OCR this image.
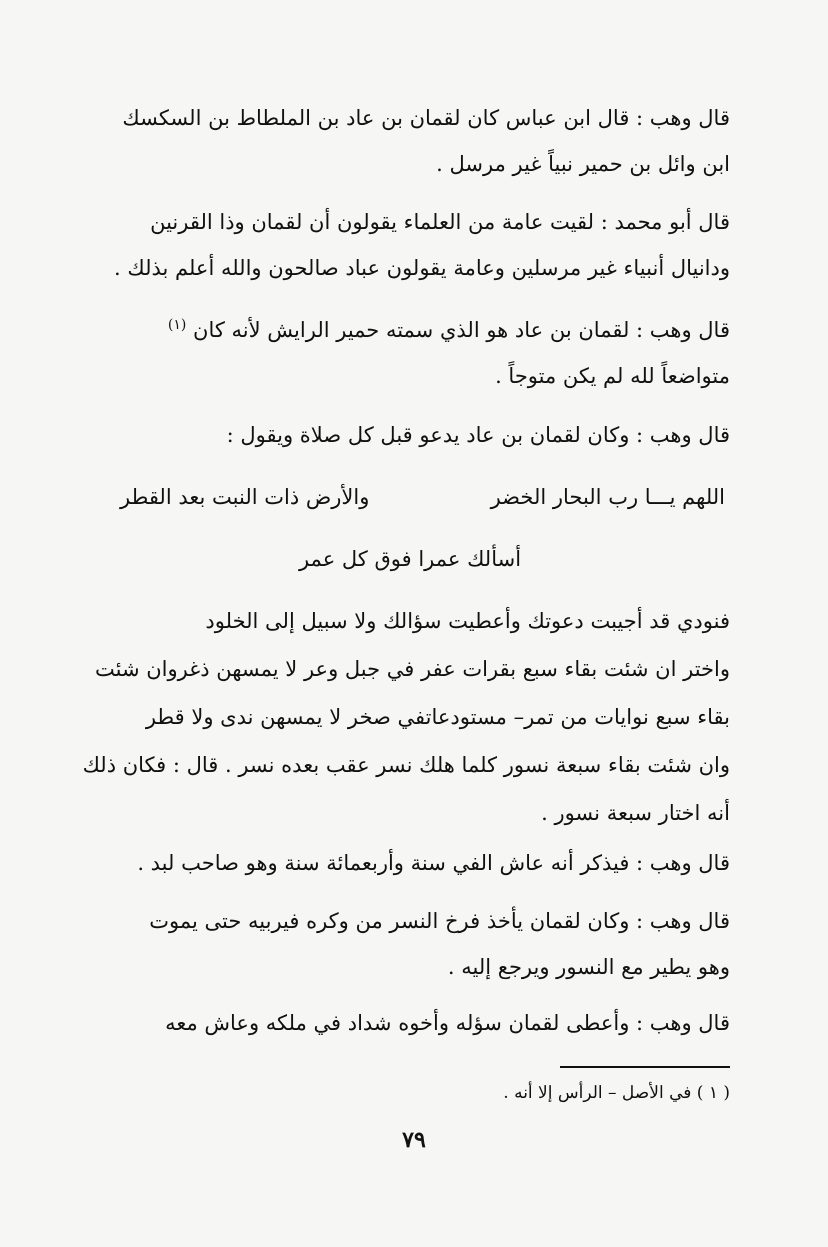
قال وهب : قال ابن عباس كان لقمان بن عاد بن الملطاط بن السكسك
ابن وائل بن حمير نبياً غير مرسل .
قال أبو محمد : لقيت عامة من العلماء يقولون أن لقمان وذا القرنين
ودانيال أنبياء غير مرسلين وعامة يقولون عباد صالحون والله أعلم بذلك .
قال وهب : لقمان بن عاد هو الذي سمته حمير الرايش لأنه كان $^{(١)}$
متواضعاً لله لم يكن متوجاً .
قال وهب : وكان لقمان بن عاد يدعو قبل كل صلاة ويقول :
اللهم يـــا رب البحار الخضر
والأرض ذات النبت بعد القطر
أسألك عمرا فوق كل عمر
فنودي قد أجيبت دعوتك وأعطيت سؤالك ولا سبيل إلى الخلود
واختر ان شئت بقاء سبع بقرات عفر في جبل وعر لا يمسهن ذغروان شئت
بقاء سبع نوايات من تمر– مستودعاتفي صخر لا يمسهن ندى ولا قطر
وان شئت بقاء سبعة نسور كلما هلك نسر عقب بعده نسر . قال : فكان ذلك
أنه اختار سبعة نسور .
قال وهب : فيذكر أنه عاش الفي سنة وأربعمائة سنة وهو صاحب لبد .
قال وهب : وكان لقمان يأخذ فرخ النسر من وكره فيربيه حتى يموت
وهو يطير مع النسور ويرجع إليه .
قال وهب : وأعطى لقمان سؤله وأخوه شداد في ملكه وعاش معه
( ١ ) في الأصل – الرأس إلا أنه .
٧٩
